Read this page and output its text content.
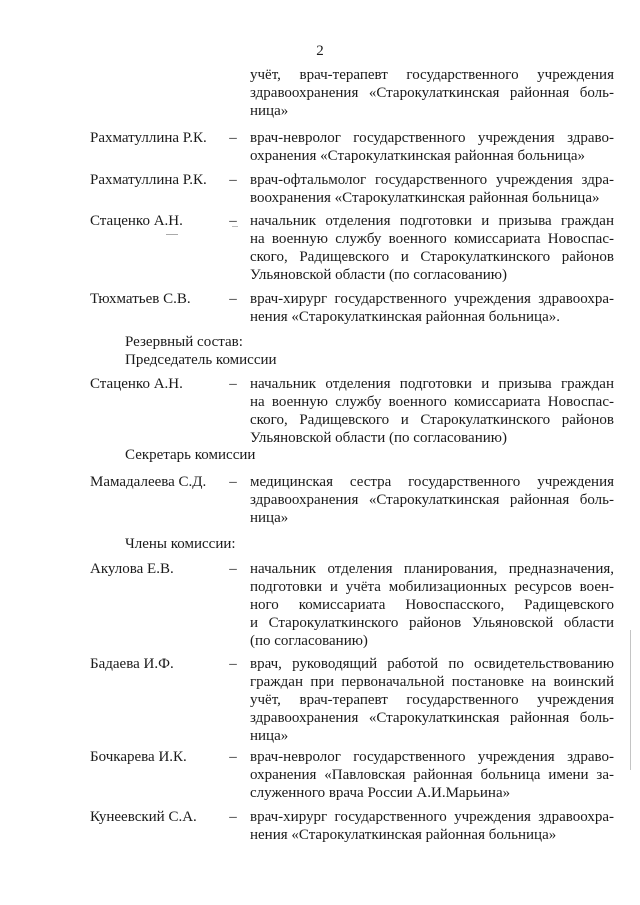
2
учёт, врач-терапевт государственного учреждения
здравоохранения «Старокулаткинская районная боль-
ница»
Рахматуллина Р.К.	– врач-невролог государственного учреждения здраво-
охранения «Старокулаткинская районная больница»
Рахматуллина Р.К.	– врач-офтальмолог государственного учреждения здра-
воохранения «Старокулаткинская районная больница»
Стаценко А.Н.	– начальник отделения подготовки и призыва граждан
на военную службу военного комиссариата Новоспас-
ского, Радищевского и Старокулаткинского районов
Ульяновской области (по согласованию)
Тюхматьев С.В.	– врач-хирург государственного учреждения здравоохра-
нения «Старокулаткинская районная больница».
Резервный состав:
Председатель комиссии
Стаценко А.Н.	– начальник отделения подготовки и призыва граждан
на военную службу военного комиссариата Новоспас-
ского, Радищевского и Старокулаткинского районов
Ульяновской области (по согласованию)
Секретарь комиссии
Мамадалеева С.Д.	– медицинская сестра государственного учреждения
здравоохранения «Старокулаткинская районная боль-
ница»
Члены комиссии:
Акулова Е.В.	– начальник отделения планирования, предназначения,
подготовки и учёта мобилизационных ресурсов воен-
ного комиссариата Новоспасского, Радищевского
и Старокулаткинского районов Ульяновской области
(по согласованию)
Бадаева И.Ф.	– врач, руководящий работой по освидетельствованию
граждан при первоначальной постановке на воинский
учёт, врач-терапевт государственного учреждения
здравоохранения «Старокулаткинская районная боль-
ница»
Бочкарева И.К.	– врач-невролог государственного учреждения здраво-
охранения «Павловская районная больница имени за-
служенного врача России А.И.Марьина»
Кунеевский С.А.	– врач-хирург государственного учреждения здравоохра-
нения «Старокулаткинская районная больница»
